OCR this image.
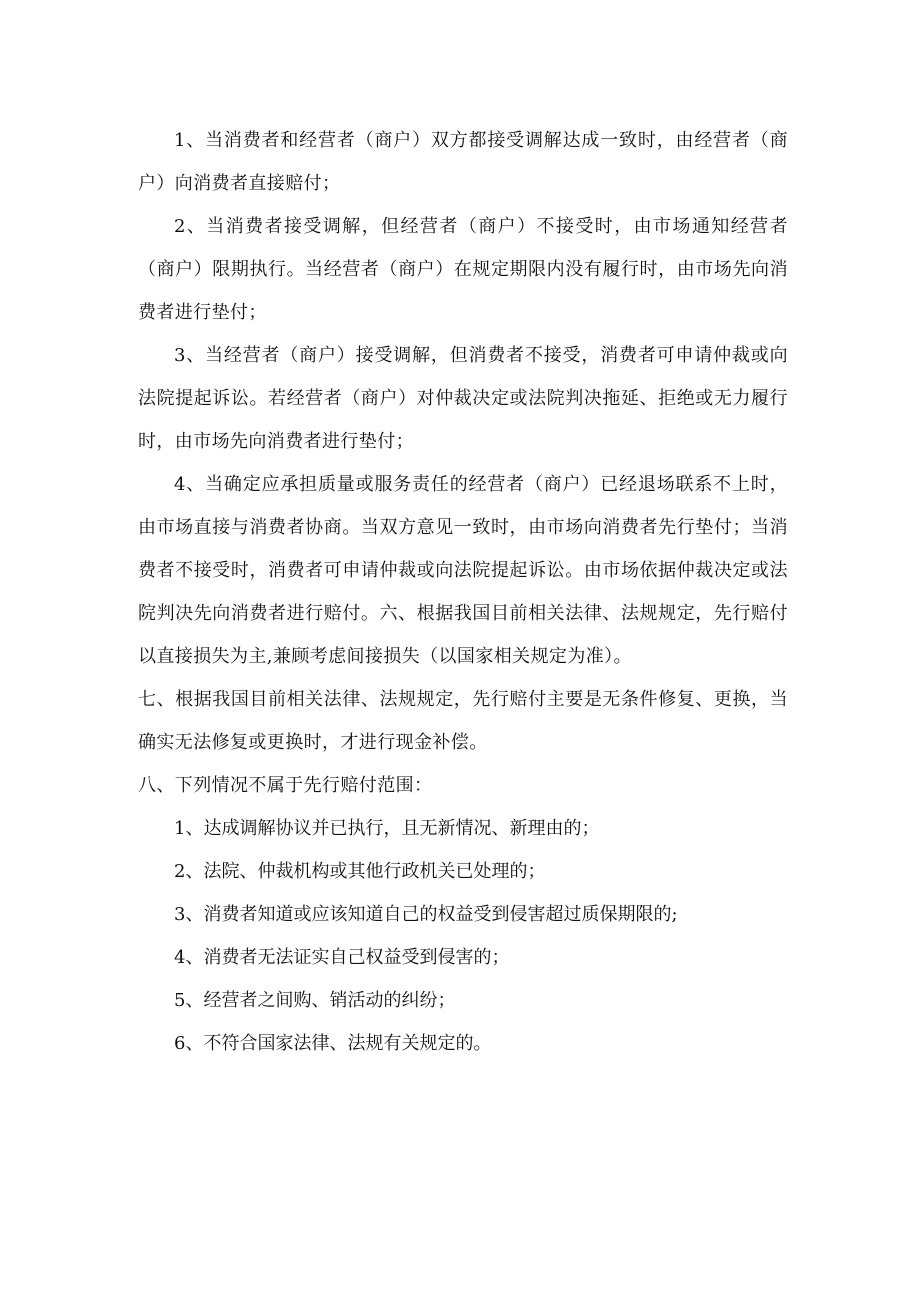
1、当消费者和经营者（商户）双方都接受调解达成一致时，由经营者（商户）向消费者直接赔付；

2、当消费者接受调解，但经营者（商户）不接受时，由市场通知经营者（商户）限期执行。当经营者（商户）在规定期限内没有履行时，由市场先向消费者进行垫付；

3、当经营者（商户）接受调解，但消费者不接受，消费者可申请仲裁或向法院提起诉讼。若经营者（商户）对仲裁决定或法院判决拖延、拒绝或无力履行时，由市场先向消费者进行垫付；

4、当确定应承担质量或服务责任的经营者（商户）已经退场联系不上时，由市场直接与消费者协商。当双方意见一致时，由市场向消费者先行垫付；当消费者不接受时，消费者可申请仲裁或向法院提起诉讼。由市场依据仲裁决定或法院判决先向消费者进行赔付。六、根据我国目前相关法律、法规规定，先行赔付以直接损失为主,兼顾考虑间接损失（以国家相关规定为准）。

七、根据我国目前相关法律、法规规定，先行赔付主要是无条件修复、更换，当确实无法修复或更换时，才进行现金补偿。

八、下列情况不属于先行赔付范围：

1、达成调解协议并已执行，且无新情况、新理由的；

2、法院、仲裁机构或其他行政机关已处理的；

3、消费者知道或应该知道自己的权益受到侵害超过质保期限的;

4、消费者无法证实自己权益受到侵害的；

5、经营者之间购、销活动的纠纷；

6、不符合国家法律、法规有关规定的。
